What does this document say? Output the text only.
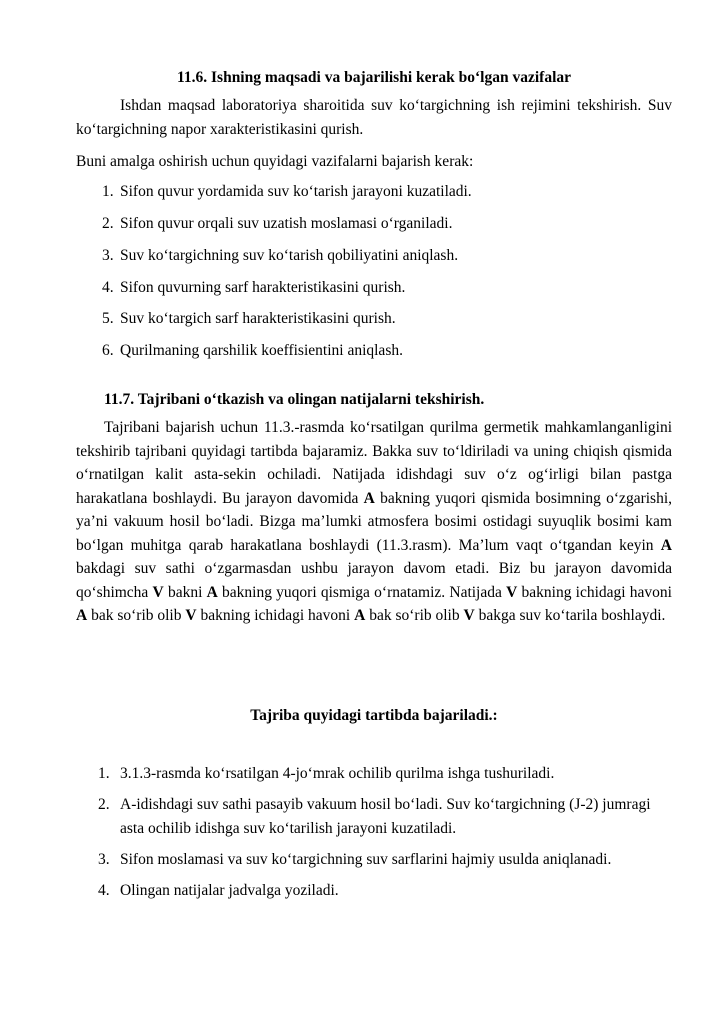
11.6. Ishning maqsadi va bajarilishi kerak bo‘lgan vazifalar

Ishdan maqsad laboratoriya sharoitida suv ko‘targichning ish rejimini tekshirish. Suv ko‘targichning napor xarakteristikasini qurish.

Buni amalga oshirish uchun quyidagi vazifalarni bajarish kerak:

1. Sifon quvur yordamida suv ko‘tarish jarayoni kuzatiladi.
2. Sifon quvur orqali suv uzatish moslamasi o‘rganiladi.
3. Suv ko‘targichning suv ko‘tarish qobiliyatini aniqlash.
4. Sifon quvurning sarf harakteristikasini qurish.
5. Suv ko‘targich sarf harakteristikasini qurish.
6. Qurilmaning qarshilik koeffisientini aniqlash.
11.7. Tajribani o‘tkazish va olingan natijalarni tekshirish.

Tajribani bajarish uchun 11.3.-rasmda ko‘rsatilgan qurilma germetik mahkamlanganligini tekshirib tajribani quyidagi tartibda bajaramiz. Bakka suv to‘ldiriladi va uning chiqish qismida o‘rnatilgan kalit asta-sekin ochiladi. Natijada idishdagi suv o‘z og‘irligi bilan pastga harakatlana boshlaydi. Bu jarayon davomida A bakning yuqori qismida bosimning o‘zgarishi, ya’ni vakuum hosil bo‘ladi. Bizga ma’lumki atmosfera bosimi ostidagi suyuqlik bosimi kam bo‘lgan muhitga qarab harakatlana boshlaydi (11.3.rasm). Ma’lum vaqt o‘tgandan keyin A bakdagi suv sathi o‘zgarmasdan ushbu jarayon davom etadi. Biz bu jarayon davomida qo‘shimcha V bakni A bakning yuqori qismiga o‘rnatamiz. Natijada V bakning ichidagi havoni A bak so‘rib olib V bakning ichidagi havoni A bak so‘rib olib V bakga suv ko‘tarila boshlaydi.

Tajriba quyidagi tartibda bajariladi.:
1. 3.1.3-rasmda ko‘rsatilgan 4-jo‘mrak ochilib qurilma ishga tushuriladi.
2. A-idishdagi suv sathi pasayib vakuum hosil bo‘ladi. Suv ko‘targichning (J-2) jumragi asta ochilib idishga suv ko‘tarilish jarayoni kuzatiladi.
3. Sifon moslamasi va suv ko‘targichning suv sarflarini hajmiy usulda aniqlanadi.
4. Olingan natijalar jadvalga yoziladi.
